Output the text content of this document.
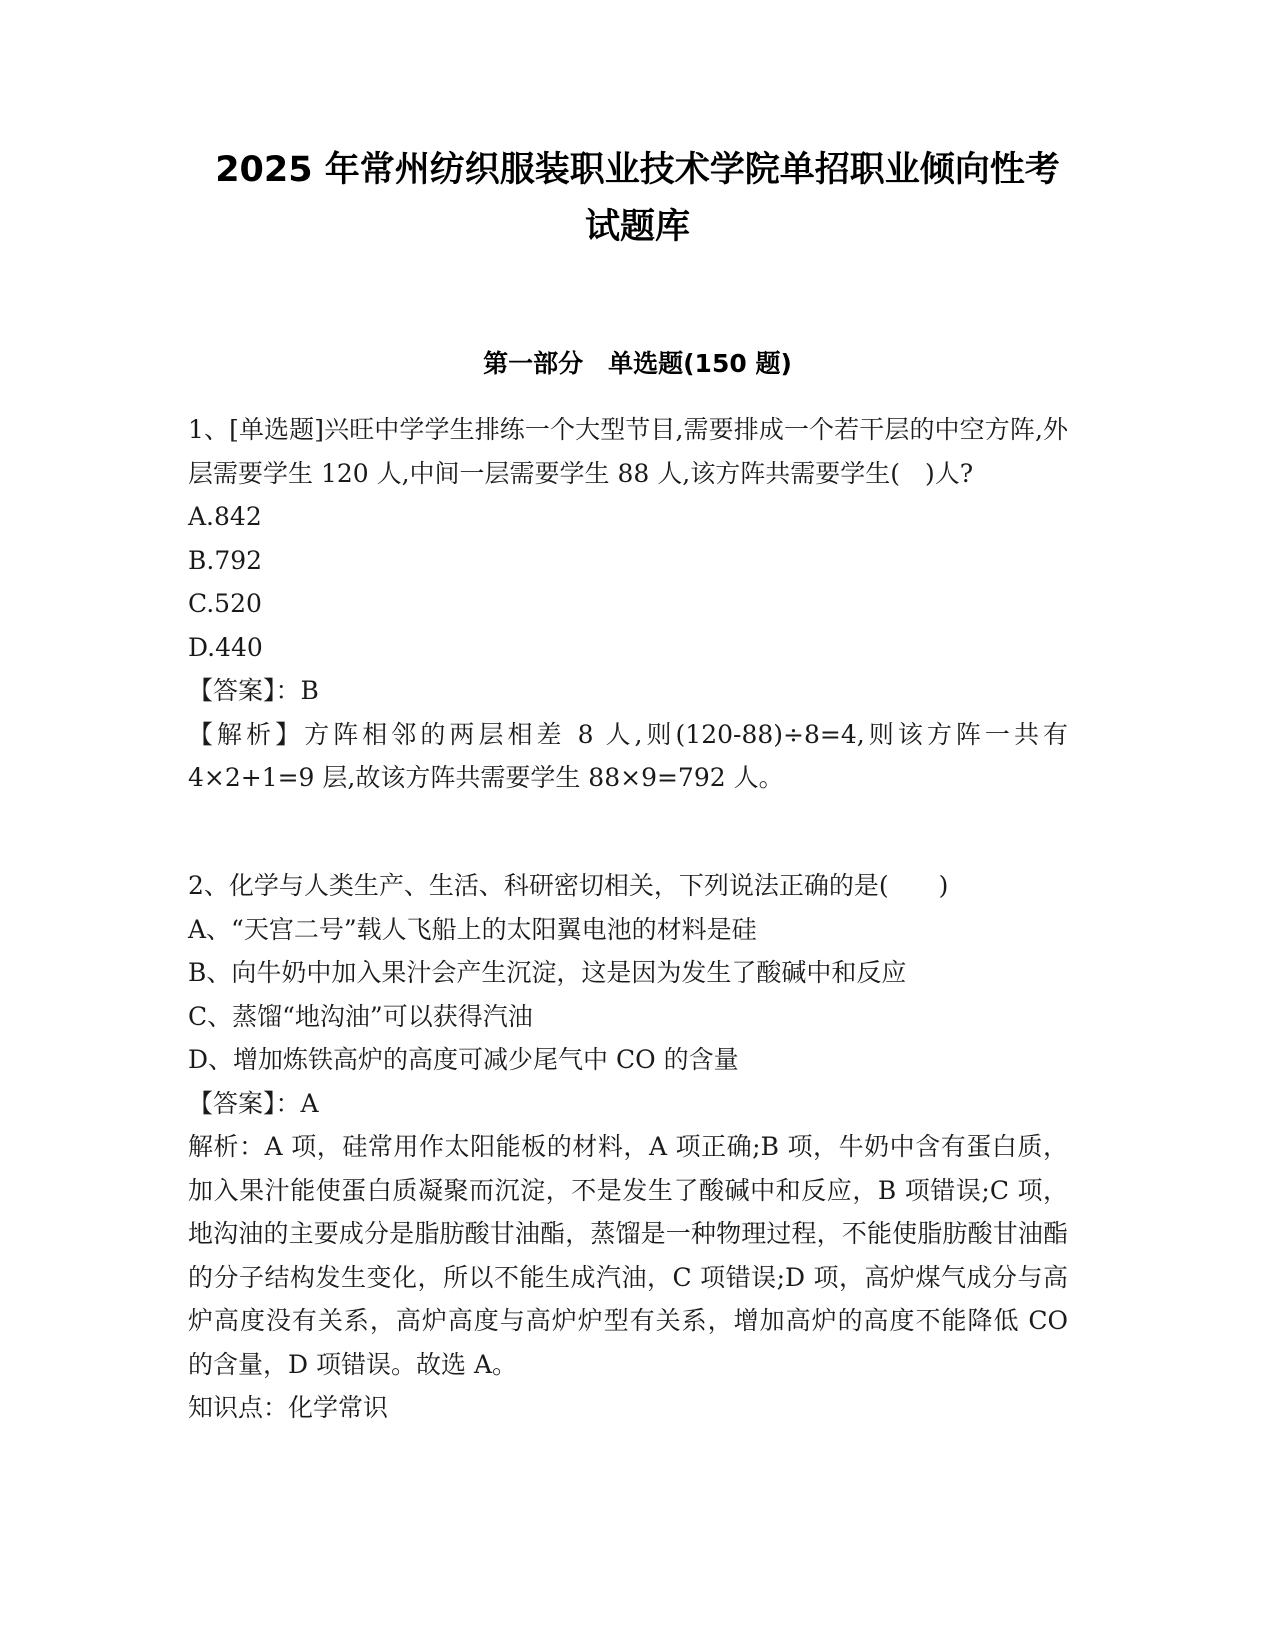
2025 年常州纺织服装职业技术学院单招职业倾向性考
试题库
第一部分　单选题(150 题)

1、[单选题]兴旺中学学生排练一个大型节目,需要排成一个若干层的中空方阵,外层需要学生 120 人,中间一层需要学生 88 人,该方阵共需要学生(　)人?

A.842

B.792

C.520

D.440

【答案】：B

【解析】方阵相邻的两层相差 8 人,则(120-88)÷8=4,则该方阵一共有 4×2+1=9 层,故该方阵共需要学生 88×9=792 人。

2、化学与人类生产、生活、科研密切相关，下列说法正确的是(　　)

A、“天宫二号”载人飞船上的太阳翼电池的材料是硅

B、向牛奶中加入果汁会产生沉淀，这是因为发生了酸碱中和反应

C、蒸馏“地沟油”可以获得汽油

D、增加炼铁高炉的高度可减少尾气中 CO 的含量

【答案】：A

解析：A 项，硅常用作太阳能板的材料，A 项正确;B 项，牛奶中含有蛋白质，加入果汁能使蛋白质凝聚而沉淀，不是发生了酸碱中和反应，B 项错误;C 项，地沟油的主要成分是脂肪酸甘油酯，蒸馏是一种物理过程，不能使脂肪酸甘油酯的分子结构发生变化，所以不能生成汽油，C 项错误;D 项，高炉煤气成分与高炉高度没有关系，高炉高度与高炉炉型有关系，增加高炉的高度不能降低 CO 的含量，D 项错误。故选 A。

知识点：化学常识
